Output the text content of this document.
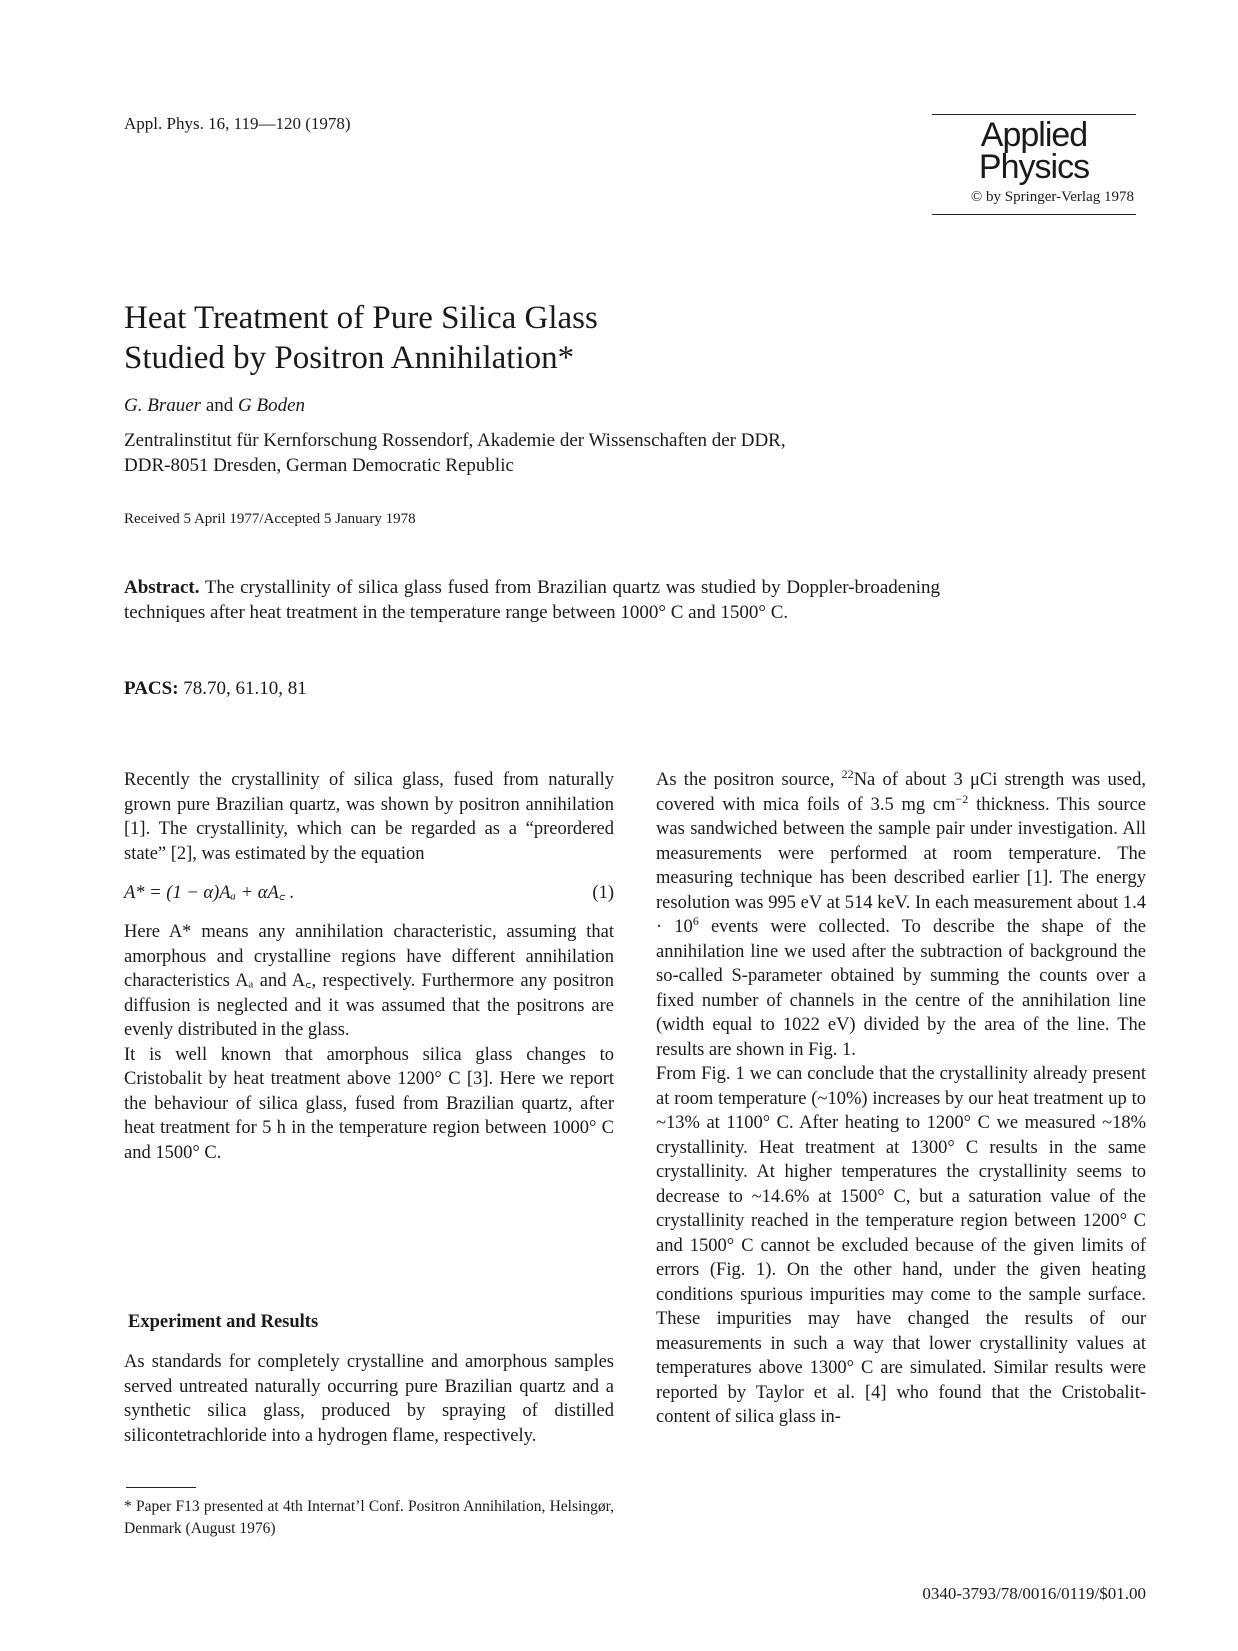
Appl. Phys. 16, 119—120 (1978)	Applied
Physics
© by Springer-Verlag 1978
Heat Treatment of Pure Silica Glass
Studied by Positron Annihilation*
G. Brauer and G Boden
Zentralinstitut für Kernforschung Rossendorf, Akademie der Wissenschaften der DDR,
DDR-8051 Dresden, German Democratic Republic
Received 5 April 1977/Accepted 5 January 1978
Abstract. The crystallinity of silica glass fused from Brazilian quartz was studied by Doppler-broadening techniques after heat treatment in the temperature range between 1000° C and 1500° C.
PACS: 78.70, 61.10, 81

Recently the crystallinity of silica glass, fused from naturally grown pure Brazilian quartz, was shown by positron annihilation [1]. The crystallinity, which can be regarded as a “preordered state” [2], was estimated by the equation

A* = (1 − α)Aₐ + αA꜀ .	(1)

Here A* means any annihilation characteristic, assuming that amorphous and crystalline regions have different annihilation characteristics Aₐ and A꜀, respectively. Furthermore any positron diffusion is neglected and it was assumed that the positrons are evenly distributed in the glass.

It is well known that amorphous silica glass changes to Cristobalit by heat treatment above 1200° C [3]. Here we report the behaviour of silica glass, fused from Brazilian quartz, after heat treatment for 5 h in the temperature region between 1000° C and 1500° C.

Experiment and Results

As standards for completely crystalline and amorphous samples served untreated naturally occurring pure Brazilian quartz and a synthetic silica glass, produced by spraying of distilled silicontetrachloride into a hydrogen flame, respectively.

* Paper F13 presented at 4th Internat’l Conf. Positron Annihilation, Helsingør, Denmark (August 1976)

As the positron source, $^{22}$Na of about 3 μCi strength was used, covered with mica foils of 3.5 mg $cm^{-2}$ thickness. This source was sandwiched between the sample pair under investigation. All measurements were performed at room temperature. The measuring technique has been described earlier [1]. The energy resolution was 995 eV at 514 keV. In each measurement about $1.4 \cdot 10^6$ events were collected. To describe the shape of the annihilation line we used after the subtraction of background the so-called S-parameter obtained by summing the counts over a fixed number of channels in the centre of the annihilation line (width equal to 1022 eV) divided by the area of the line. The results are shown in Fig. 1.

From Fig. 1 we can conclude that the crystallinity already present at room temperature (~10%) increases by our heat treatment up to ~13% at 1100° C. After heating to 1200° C we measured ~18% crystallinity. Heat treatment at 1300° C results in the same crystallinity. At higher temperatures the crystallinity seems to decrease to ~14.6% at 1500° C, but a saturation value of the crystallinity reached in the temperature region between 1200° C and 1500° C cannot be excluded because of the given limits of errors (Fig. 1). On the other hand, under the given heating conditions spurious impurities may come to the sample surface. These impurities may have changed the results of our measurements in such a way that lower crystallinity values at temperatures above 1300° C are simulated. Similar results were reported by Taylor et al. [4] who found that the Cristobalit-content of silica glass in-

0340-3793/78/0016/0119/$01.00
